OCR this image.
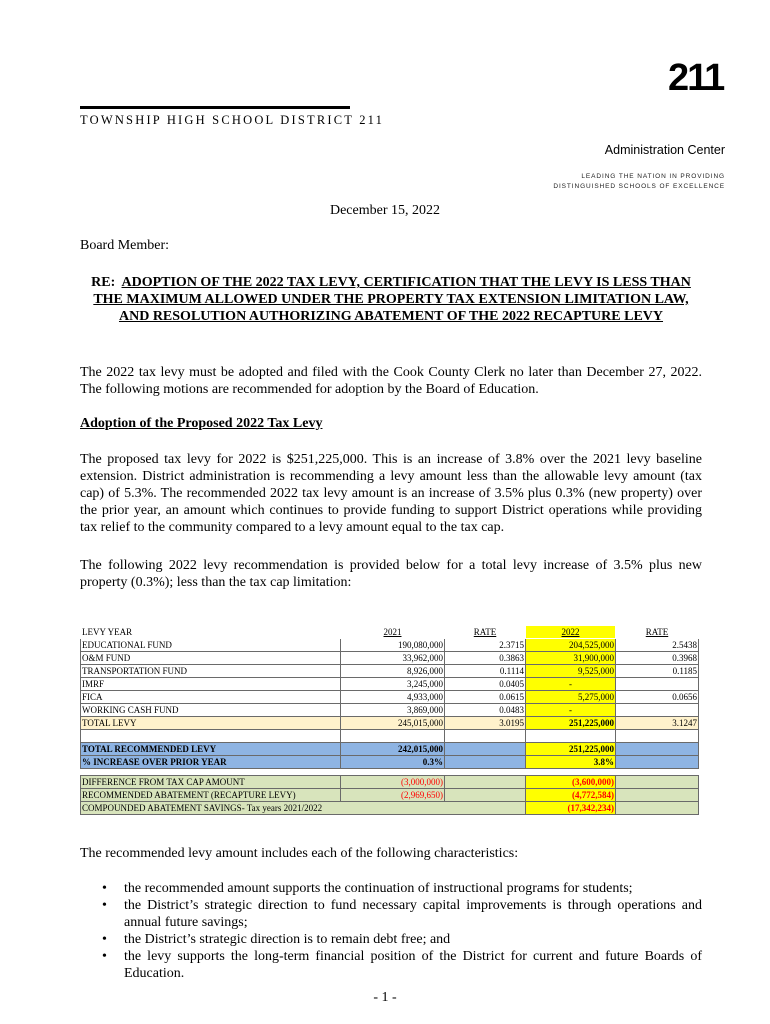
211
TOWNSHIP HIGH SCHOOL DISTRICT 211
Administration Center
LEADING THE NATION IN PROVIDING
DISTINGUISHED SCHOOLS OF EXCELLENCE
December 15, 2022
Board Member:
RE: ADOPTION OF THE 2022 TAX LEVY, CERTIFICATION THAT THE LEVY IS LESS THAN THE MAXIMUM ALLOWED UNDER THE PROPERTY TAX EXTENSION LIMITATION LAW, AND RESOLUTION AUTHORIZING ABATEMENT OF THE 2022 RECAPTURE LEVY
The 2022 tax levy must be adopted and filed with the Cook County Clerk no later than December 27, 2022. The following motions are recommended for adoption by the Board of Education.
Adoption of the Proposed 2022 Tax Levy
The proposed tax levy for 2022 is $251,225,000. This is an increase of 3.8% over the 2021 levy baseline extension. District administration is recommending a levy amount less than the allowable levy amount (tax cap) of 5.3%. The recommended 2022 tax levy amount is an increase of 3.5% plus 0.3% (new property) over the prior year, an amount which continues to provide funding to support District operations while providing tax relief to the community compared to a levy amount equal to the tax cap.
The following 2022 levy recommendation is provided below for a total levy increase of 3.5% plus new property (0.3%); less than the tax cap limitation:
LEVY YEAR	2021	RATE	2022	RATE
EDUCATIONAL FUND	190,080,000	2.3715	204,525,000	2.5438
O&M FUND	33,962,000	0.3863	31,900,000	0.3968
TRANSPORTATION FUND	8,926,000	0.1114	9,525,000	0.1185
IMRF	3,245,000	0.0405	-	
FICA	4,933,000	0.0615	5,275,000	0.0656
WORKING CASH FUND	3,869,000	0.0483	-	
TOTAL LEVY	245,015,000	3.0195	251,225,000	3.1247

TOTAL RECOMMENDED LEVY	242,015,000		251,225,000	
% INCREASE OVER PRIOR YEAR	0.3%		3.8%	

DIFFERENCE FROM TAX CAP AMOUNT	(3,000,000)		(3,600,000)	
RECOMMENDED ABATEMENT (RECAPTURE LEVY)	(2,969,650)		(4,772,584)	
COMPOUNDED ABATEMENT SAVINGS- Tax years 2021/2022			(17,342,234)	
The recommended levy amount includes each of the following characteristics:
• the recommended amount supports the continuation of instructional programs for students;
• the District’s strategic direction to fund necessary capital improvements is through operations and annual future savings;
• the District’s strategic direction is to remain debt free; and
• the levy supports the long-term financial position of the District for current and future Boards of Education.
- 1 -
